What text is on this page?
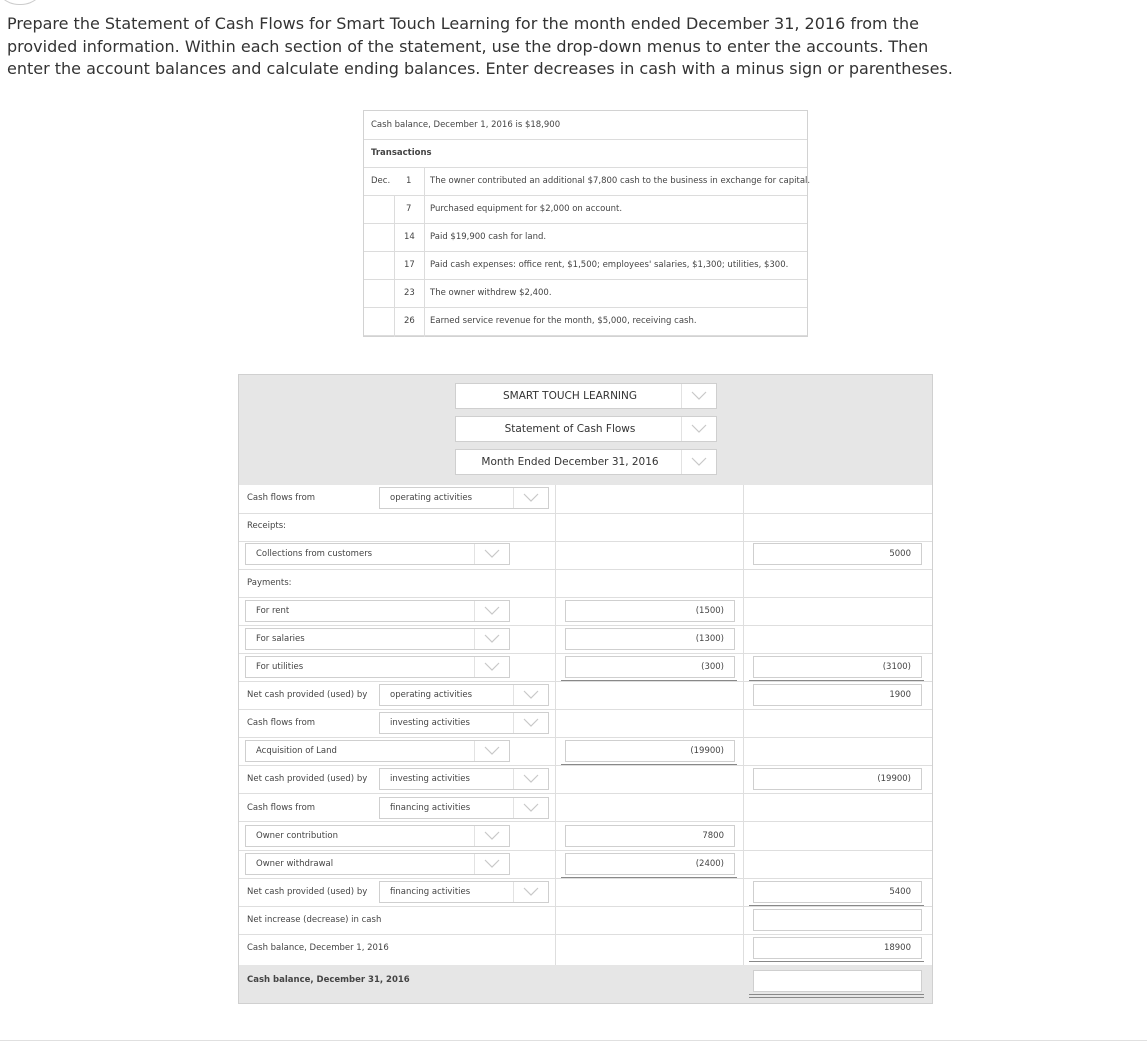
Prepare the Statement of Cash Flows for Smart Touch Learning for the month ended December 31, 2016 from the provided information. Within each section of the statement, use the drop-down menus to enter the accounts. Then enter the account balances and calculate ending balances. Enter decreases in cash with a minus sign or parentheses.
Cash balance, December 1, 2016 is $18,900
Transactions
Dec. 1 The owner contributed an additional $7,800 cash to the business in exchange for capital.
7 Purchased equipment for $2,000 on account.
14 Paid $19,900 cash for land.
17 Paid cash expenses: office rent, $1,500; employees' salaries, $1,300; utilities, $300.
23 The owner withdrew $2,400.
26 Earned service revenue for the month, $5,000, receiving cash.
SMART TOUCH LEARNING
Statement of Cash Flows
Month Ended December 31, 2016
Cash flows from	operating activities
Receipts:
Collections from customers	5000
Payments:
For rent	(1500)
For salaries	(1300)
For utilities	(300)	(3100)
Net cash provided (used) by	operating activities	1900
Cash flows from	investing activities
Acquisition of Land	(19900)
Net cash provided (used) by	investing activities	(19900)
Cash flows from	financing activities
Owner contribution	7800
Owner withdrawal	(2400)
Net cash provided (used) by	financing activities	5400
Net increase (decrease) in cash
Cash balance, December 1, 2016	18900
Cash balance, December 31, 2016
